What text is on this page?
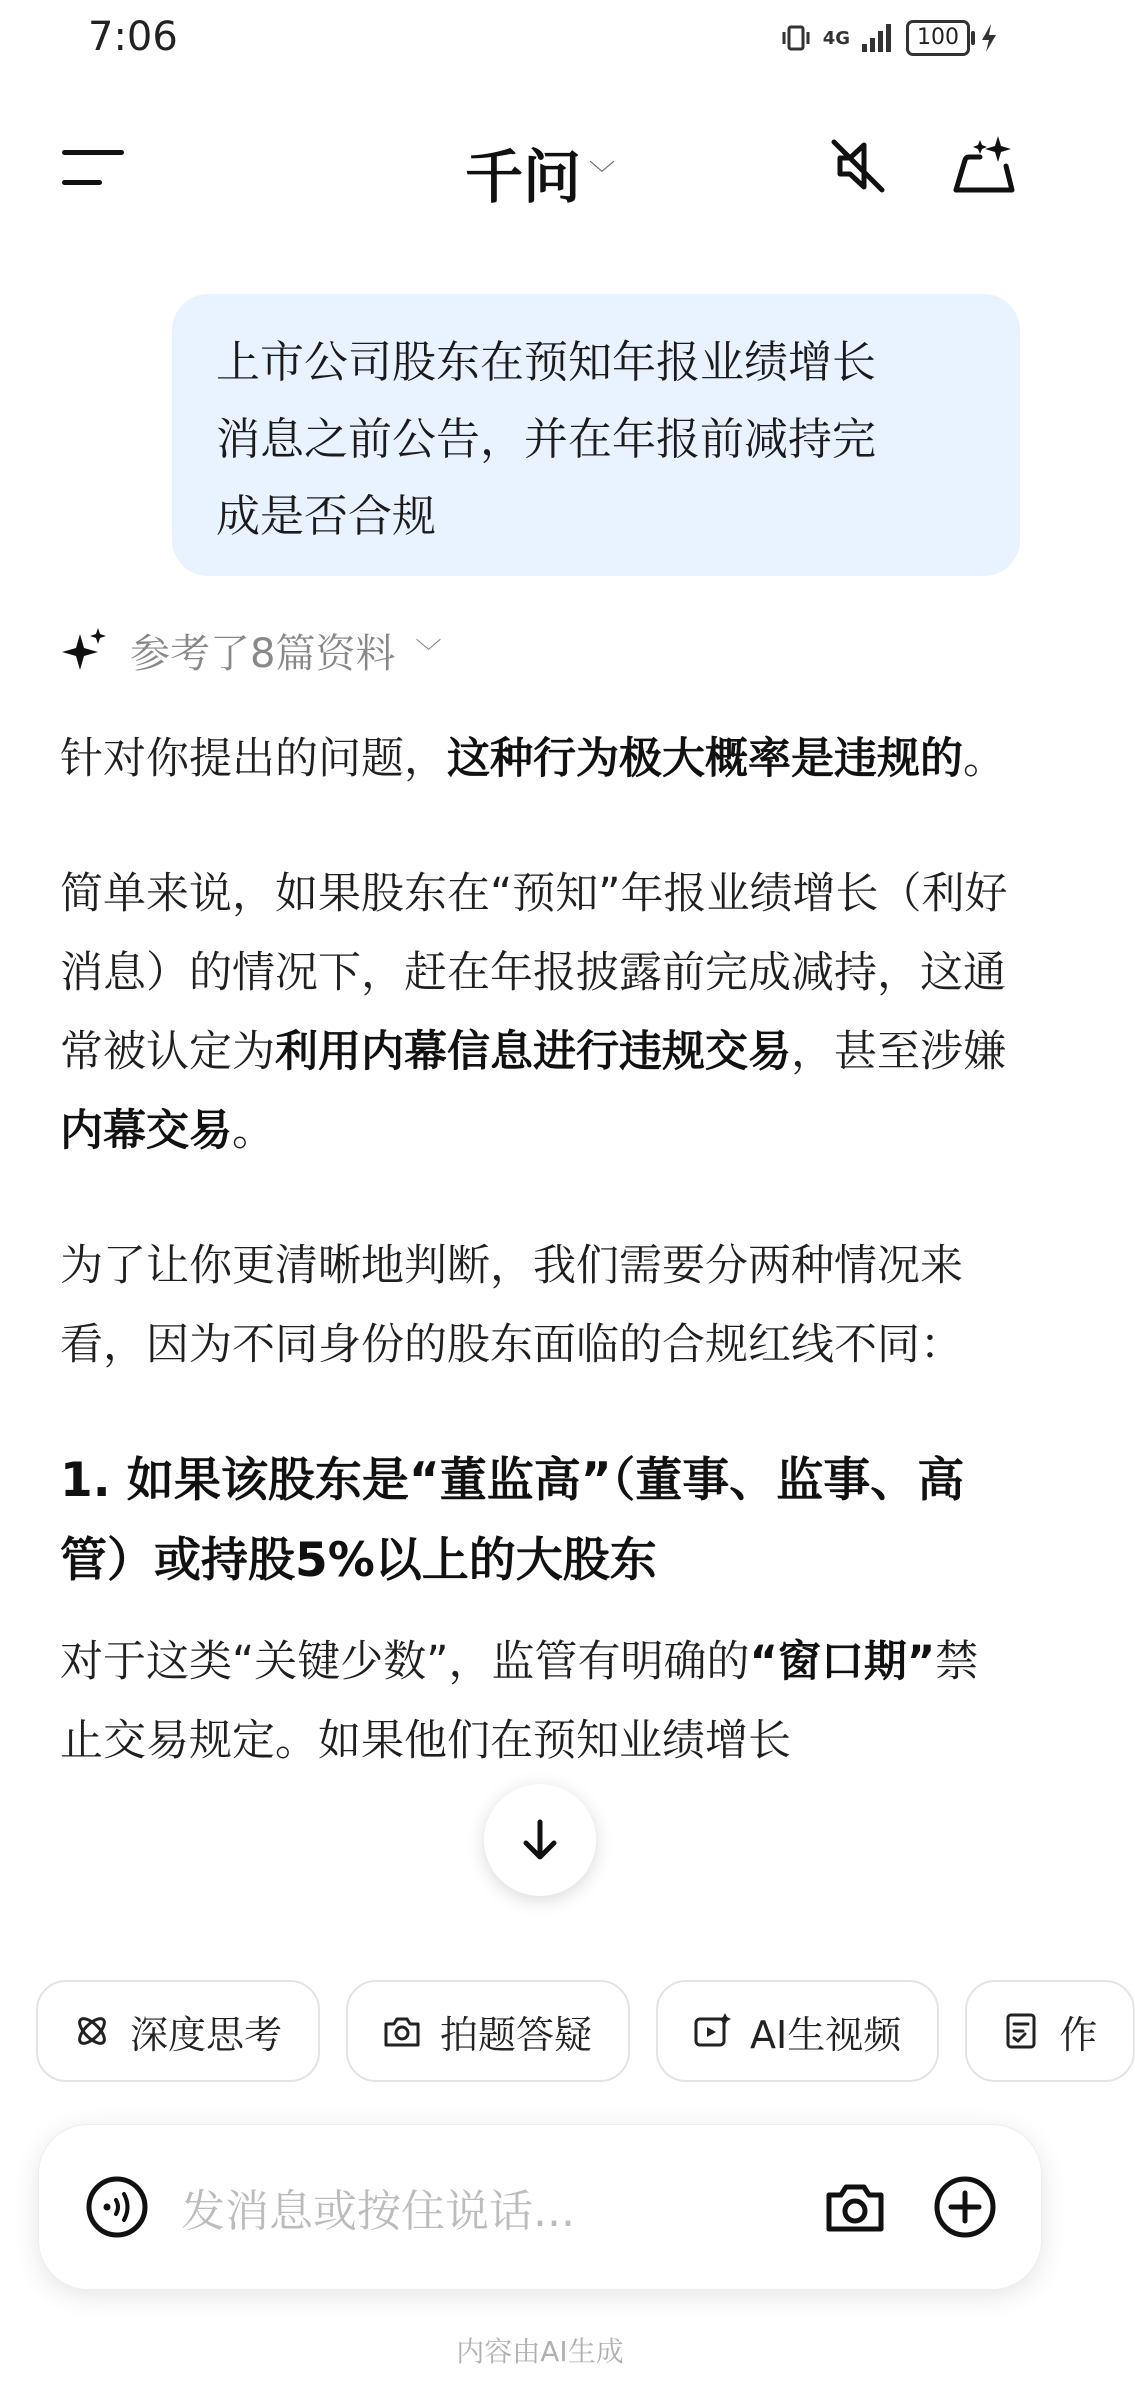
7:06	4G	100
千问 ﹀
上市公司股东在预知年报业绩增长
消息之前公告，并在年报前减持完
成是否合规
参考了8篇资料 ﹀

针对你提出的问题，这种行为极大概率是违规的。

简单来说，如果股东在“预知”年报业绩增长（利好消息）的情况下，赶在年报披露前完成减持，这通常被认定为利用内幕信息进行违规交易，甚至涉嫌内幕交易。

为了让你更清晰地判断，我们需要分两种情况来看，因为不同身份的股东面临的合规红线不同：

1. 如果该股东是“董监高”（董事、监事、高管）或持股5%以上的大股东

对于这类“关键少数”，监管有明确的“窗口期”禁止交易规定。如果他们在预知业绩增长

深度思考	拍题答疑	AI生视频	作
发消息或按住说话...
内容由AI生成
